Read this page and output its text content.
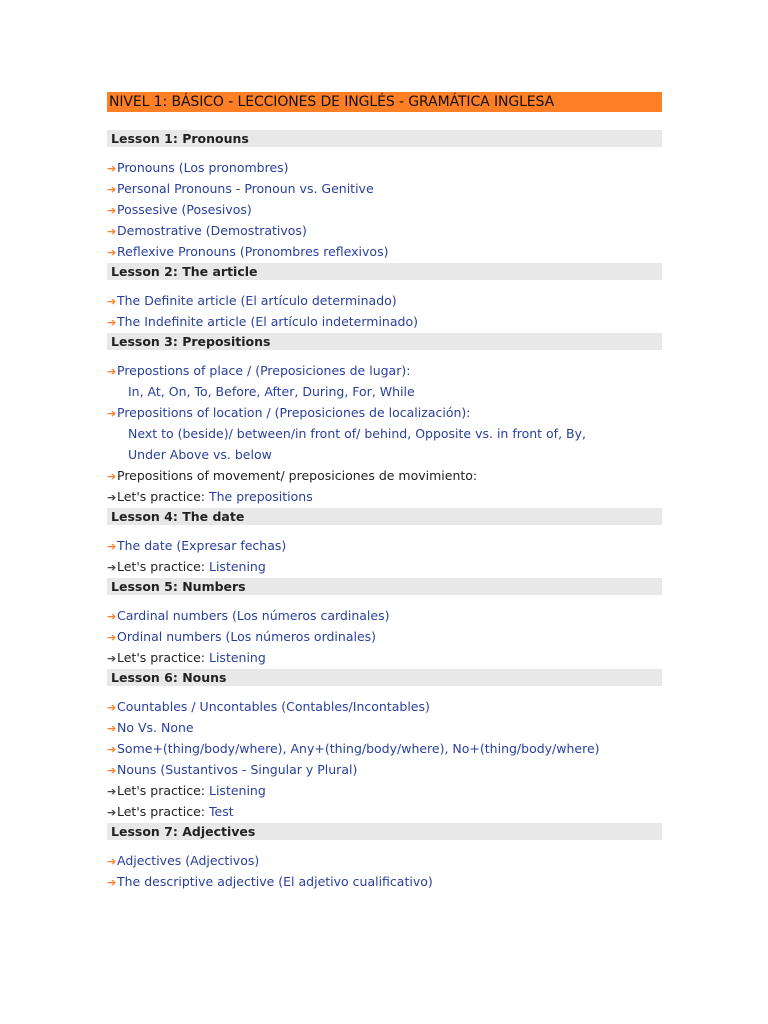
NIVEL 1: BÁSICO - LECCIONES DE INGLÉS - GRAMÁTICA INGLESA
Lesson 1: Pronouns
➔Pronouns (Los pronombres)
➔Personal Pronouns - Pronoun vs. Genitive
➔Possesive (Posesivos)
➔Demostrative (Demostrativos)
➔Reflexive Pronouns (Pronombres reflexivos)
Lesson 2: The article
➔The Definite article (El artículo determinado)
➔The Indefinite article (El artículo indeterminado)
Lesson 3: Prepositions
➔Prepostions of place / (Preposiciones de lugar):
In, At, On, To, Before, After, During, For, While
➔Prepositions of location / (Preposiciones de localización):
Next to (beside)/ between/in front of/ behind, Opposite vs. in front of, By,
Under Above vs. below
➔Prepositions of movement/ preposiciones de movimiento:
➔Let's practice: The prepositions
Lesson 4: The date
➔The date (Expresar fechas)
➔Let's practice: Listening
Lesson 5: Numbers
➔Cardinal numbers (Los números cardinales)
➔Ordinal numbers (Los números ordinales)
➔Let's practice: Listening
Lesson 6: Nouns
➔Countables / Uncontables (Contables/Incontables)
➔No Vs. None
➔Some+(thing/body/where), Any+(thing/body/where), No+(thing/body/where)
➔Nouns (Sustantivos - Singular y Plural)
➔Let's practice: Listening
➔Let's practice: Test
Lesson 7: Adjectives
➔Adjectives (Adjectivos)
➔The descriptive adjective (El adjetivo cualificativo)
